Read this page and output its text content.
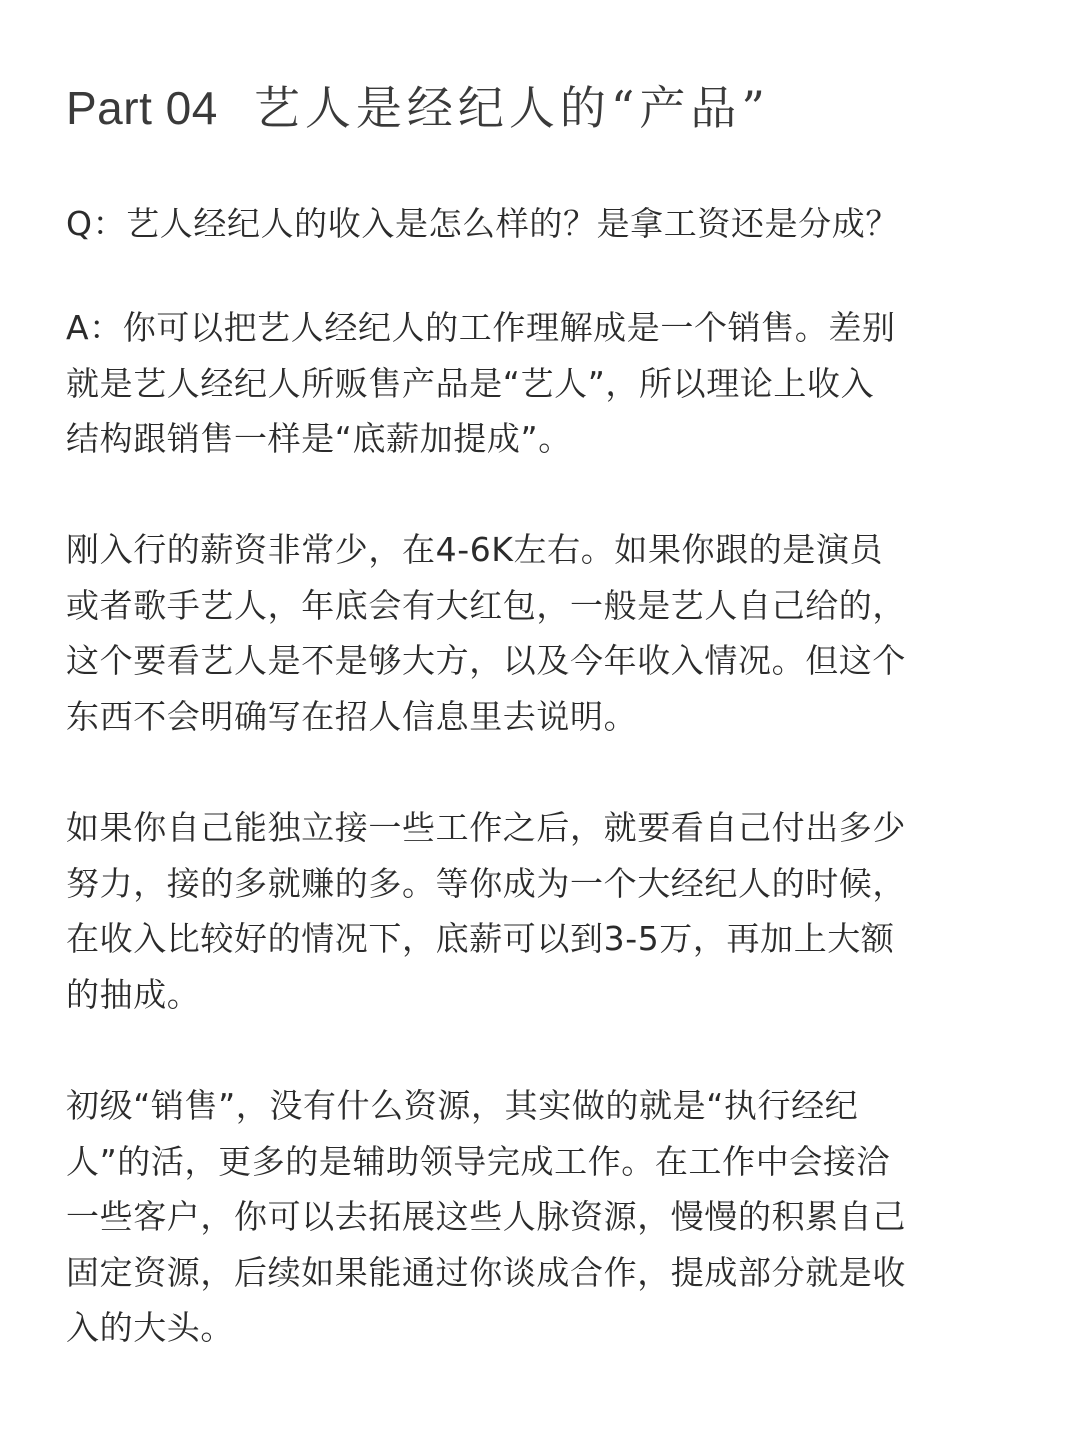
Part 04 艺人是经纪人的“产品”

Q：艺人经纪人的收入是怎么样的？是拿工资还是分成？

A：你可以把艺人经纪人的工作理解成是一个销售。差别
就是艺人经纪人所贩售产品是“艺人”，所以理论上收入
结构跟销售一样是“底薪加提成”。

刚入行的薪资非常少，在4-6K左右。如果你跟的是演员
或者歌手艺人，年底会有大红包，一般是艺人自己给的，
这个要看艺人是不是够大方，以及今年收入情况。但这个
东西不会明确写在招人信息里去说明。

如果你自己能独立接一些工作之后，就要看自己付出多少
努力，接的多就赚的多。等你成为一个大经纪人的时候，
在收入比较好的情况下，底薪可以到3-5万，再加上大额
的抽成。

初级“销售”，没有什么资源，其实做的就是“执行经纪
人”的活，更多的是辅助领导完成工作。在工作中会接洽
一些客户，你可以去拓展这些人脉资源，慢慢的积累自己
固定资源，后续如果能通过你谈成合作，提成部分就是收
入的大头。
